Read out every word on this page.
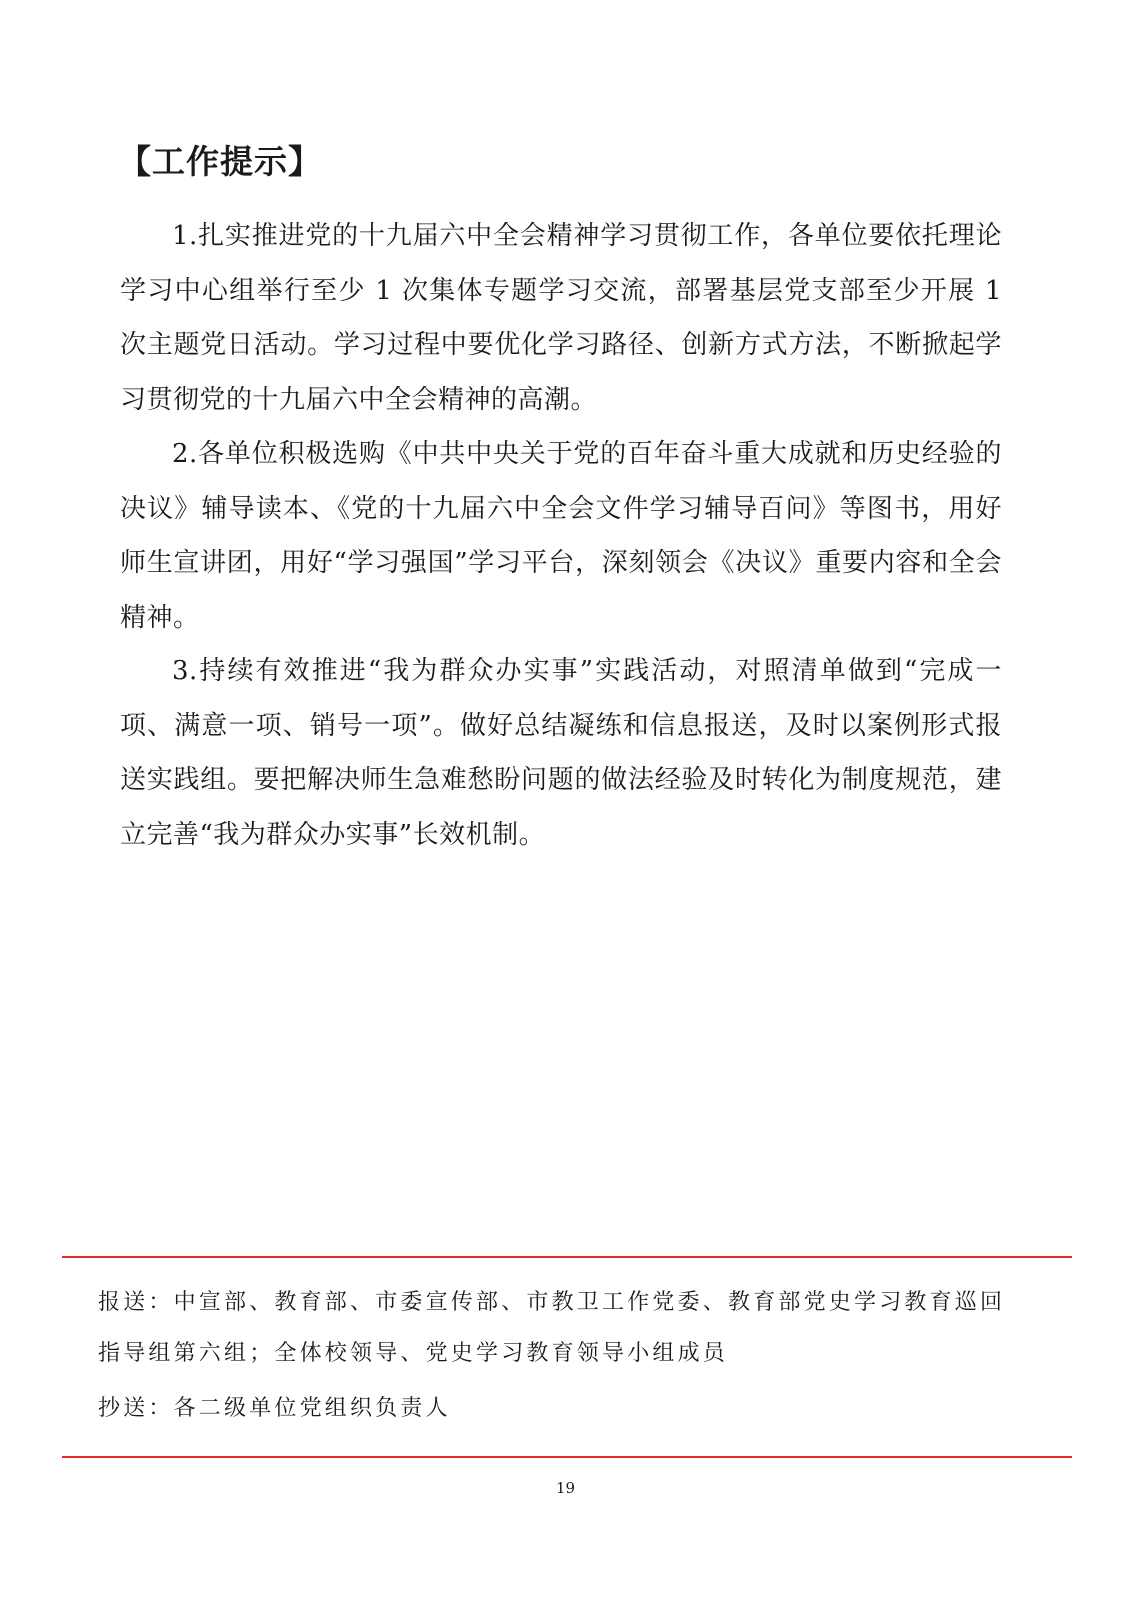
【工作提示】

1.扎实推进党的十九届六中全会精神学习贯彻工作，各单位要依托理论学习中心组举行至少 1 次集体专题学习交流，部署基层党支部至少开展 1 次主题党日活动。学习过程中要优化学习路径、创新方式方法，不断掀起学习贯彻党的十九届六中全会精神的高潮。

2.各单位积极选购《中共中央关于党的百年奋斗重大成就和历史经验的决议》辅导读本、《党的十九届六中全会文件学习辅导百问》等图书，用好师生宣讲团，用好“学习强国”学习平台，深刻领会《决议》重要内容和全会精神。

3.持续有效推进“我为群众办实事”实践活动，对照清单做到“完成一项、满意一项、销号一项”。做好总结凝练和信息报送，及时以案例形式报送实践组。要把解决师生急难愁盼问题的做法经验及时转化为制度规范，建立完善“我为群众办实事”长效机制。

报送：中宣部、教育部、市委宣传部、市教卫工作党委、教育部党史学习教育巡回指导组第六组；全体校领导、党史学习教育领导小组成员

抄送：各二级单位党组织负责人

19
